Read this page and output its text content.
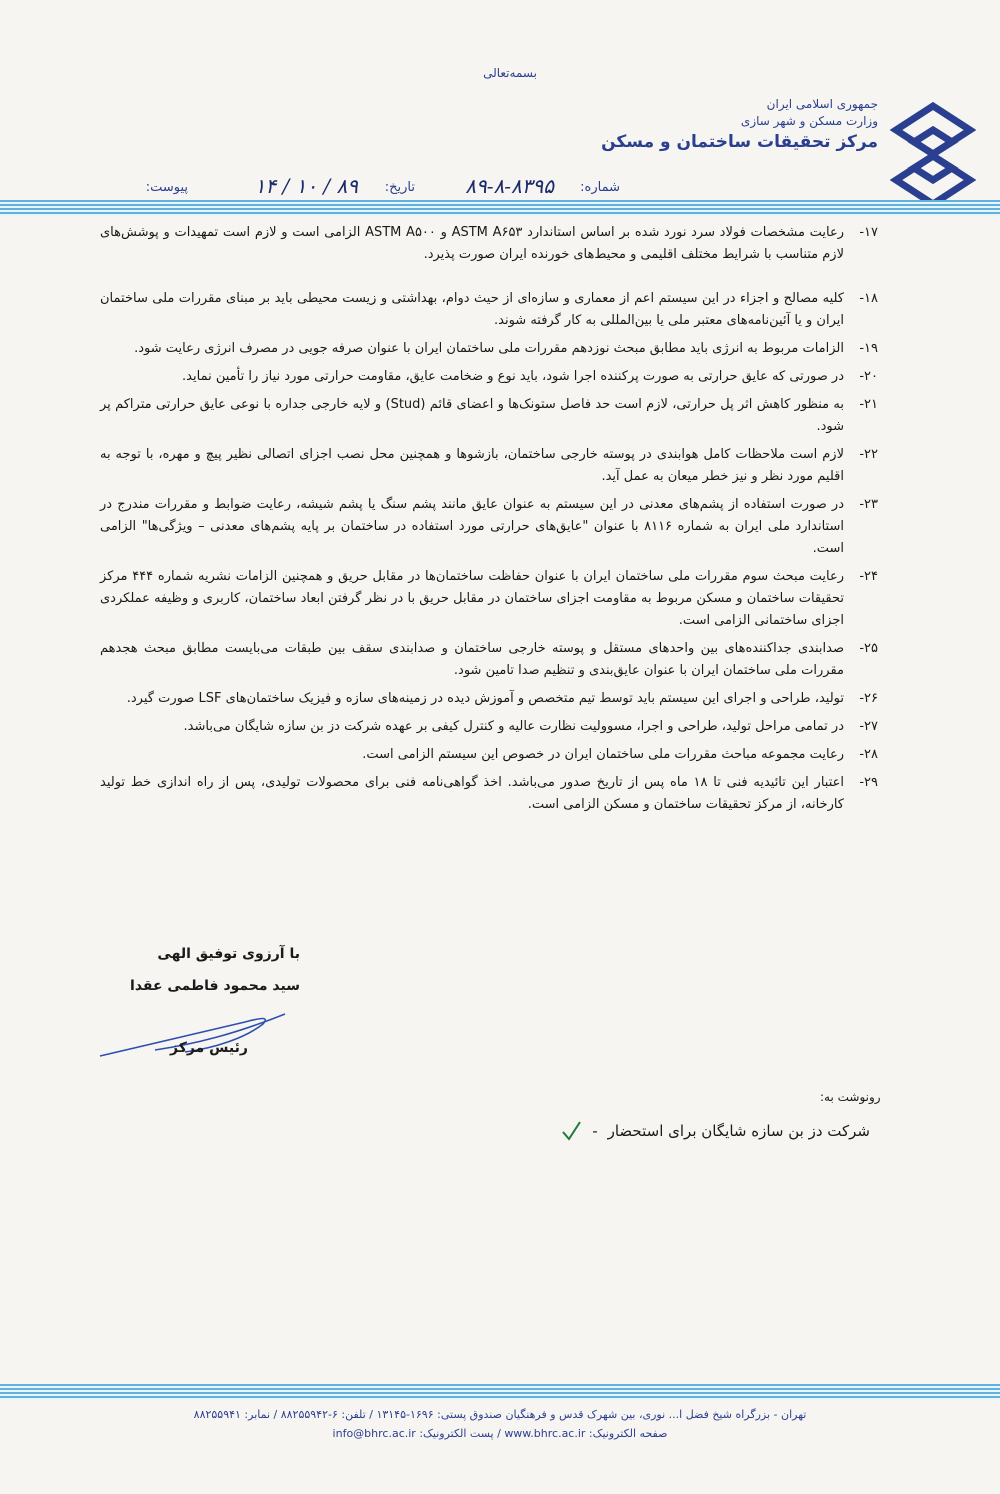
بسمه‌تعالی
جمهوری اسلامی ایران
وزارت مسکن و شهر سازی
مرکز تحقیقات ساختمان و مسکن
شماره:
۸۹-۸-۸۳۹۵
تاریخ:
۸۹ / ۱۰ / ۱۴
پیوست:
۱۷-
رعایت مشخصات فولاد سرد نورد شده بر اساس استاندارد ASTM A۶۵۳ و ASTM A۵۰۰ الزامی است و لازم است تمهیدات و پوشش‌های لازم متناسب با شرایط مختلف اقلیمی و محیط‌های خورنده ایران صورت پذیرد.
۱۸-
کلیه مصالح و اجزاء در این سیستم اعم از معماری و سازه‌ای از حیث دوام، بهداشتی و زیست محیطی باید بر مبنای مقررات ملی ساختمان ایران و یا آئین‌نامه‌های معتبر ملی یا بین‌المللی به کار گرفته شوند.
۱۹-
الزامات مربوط به انرژی باید مطابق مبحث نوزدهم مقررات ملی ساختمان ایران با عنوان صرفه جویی در مصرف انرژی رعایت شود.
۲۰-
در صورتی که عایق حرارتی به صورت پرکننده اجرا شود، باید نوع و ضخامت عایق، مقاومت حرارتی مورد نیاز را تأمین نماید.
۲۱-
به منظور کاهش اثر پل حرارتی، لازم است حد فاصل ستونک‌ها و اعضای قائم (Stud) و لایه خارجی جداره با نوعی عایق حرارتی متراکم پر شود.
۲۲-
لازم است ملاحظات کامل هوابندی در پوسته خارجی ساختمان، بازشوها و همچنین محل نصب اجزای اتصالی نظیر پیچ و مهره، با توجه به اقلیم مورد نظر و نیز خطر میعان به عمل آید.
۲۳-
در صورت استفاده از پشم‌های معدنی در این سیستم به عنوان عایق مانند پشم سنگ یا پشم شیشه، رعایت ضوابط و مقررات مندرج در استاندارد ملی ایران به شماره ۸۱۱۶ با عنوان "عایق‌های حرارتی مورد استفاده در ساختمان بر پایه پشم‌های معدنی – ویژگی‌ها" الزامی است.
۲۴-
رعایت مبحث سوم مقررات ملی ساختمان ایران با عنوان حفاظت ساختمان‌ها در مقابل حریق و همچنین الزامات نشریه شماره ۴۴۴ مرکز تحقیقات ساختمان و مسکن مربوط به مقاومت اجزای ساختمان در مقابل حریق با در نظر گرفتن ابعاد ساختمان، کاربری و وظیفه عملکردی اجزای ساختمانی الزامی است.
۲۵-
صدابندی جداکننده‌های بین واحدهای مستقل و پوسته خارجی ساختمان و صدابندی سقف بین طبقات می‌بایست مطابق مبحث هجدهم مقررات ملی ساختمان ایران با عنوان عایق‌بندی و تنظیم صدا تامین شود.
۲۶-
تولید، طراحی و اجرای این سیستم باید توسط تیم متخصص و آموزش دیده در زمینه‌های سازه و فیزیک ساختمان‌های LSF صورت گیرد.
۲۷-
در تمامی مراحل تولید، طراحی و اجرا، مسوولیت نظارت عالیه و کنترل کیفی بر عهده شرکت دز بن سازه شایگان می‌باشد.
۲۸-
رعایت مجموعه مباحث مقررات ملی ساختمان ایران در خصوص این سیستم الزامی است.
۲۹-
اعتبار این تائیدیه فنی تا ۱۸ ماه پس از تاریخ صدور می‌باشد. اخذ گواهی‌نامه فنی برای محصولات تولیدی، پس از راه اندازی خط تولید کارخانه، از مرکز تحقیقات ساختمان و مسکن الزامی است.
با آرزوی توفیق الهی
سید محمود فاطمی عقدا
رئیس مرکز
رونوشت به:
شرکت دز بن سازه شایگان برای استحضار
-
تهران - بزرگراه شیخ فضل ا... نوری، بین شهرک قدس و فرهنگیان صندوق پستی: ۱۶۹۶-۱۳۱۴۵ / تلفن: ۶-۸۸۲۵۵۹۴۲ / نمابر: ۸۸۲۵۵۹۴۱
صفحه الکترونیک: www.bhrc.ac.ir / پست الکترونیک: info@bhrc.ac.ir
